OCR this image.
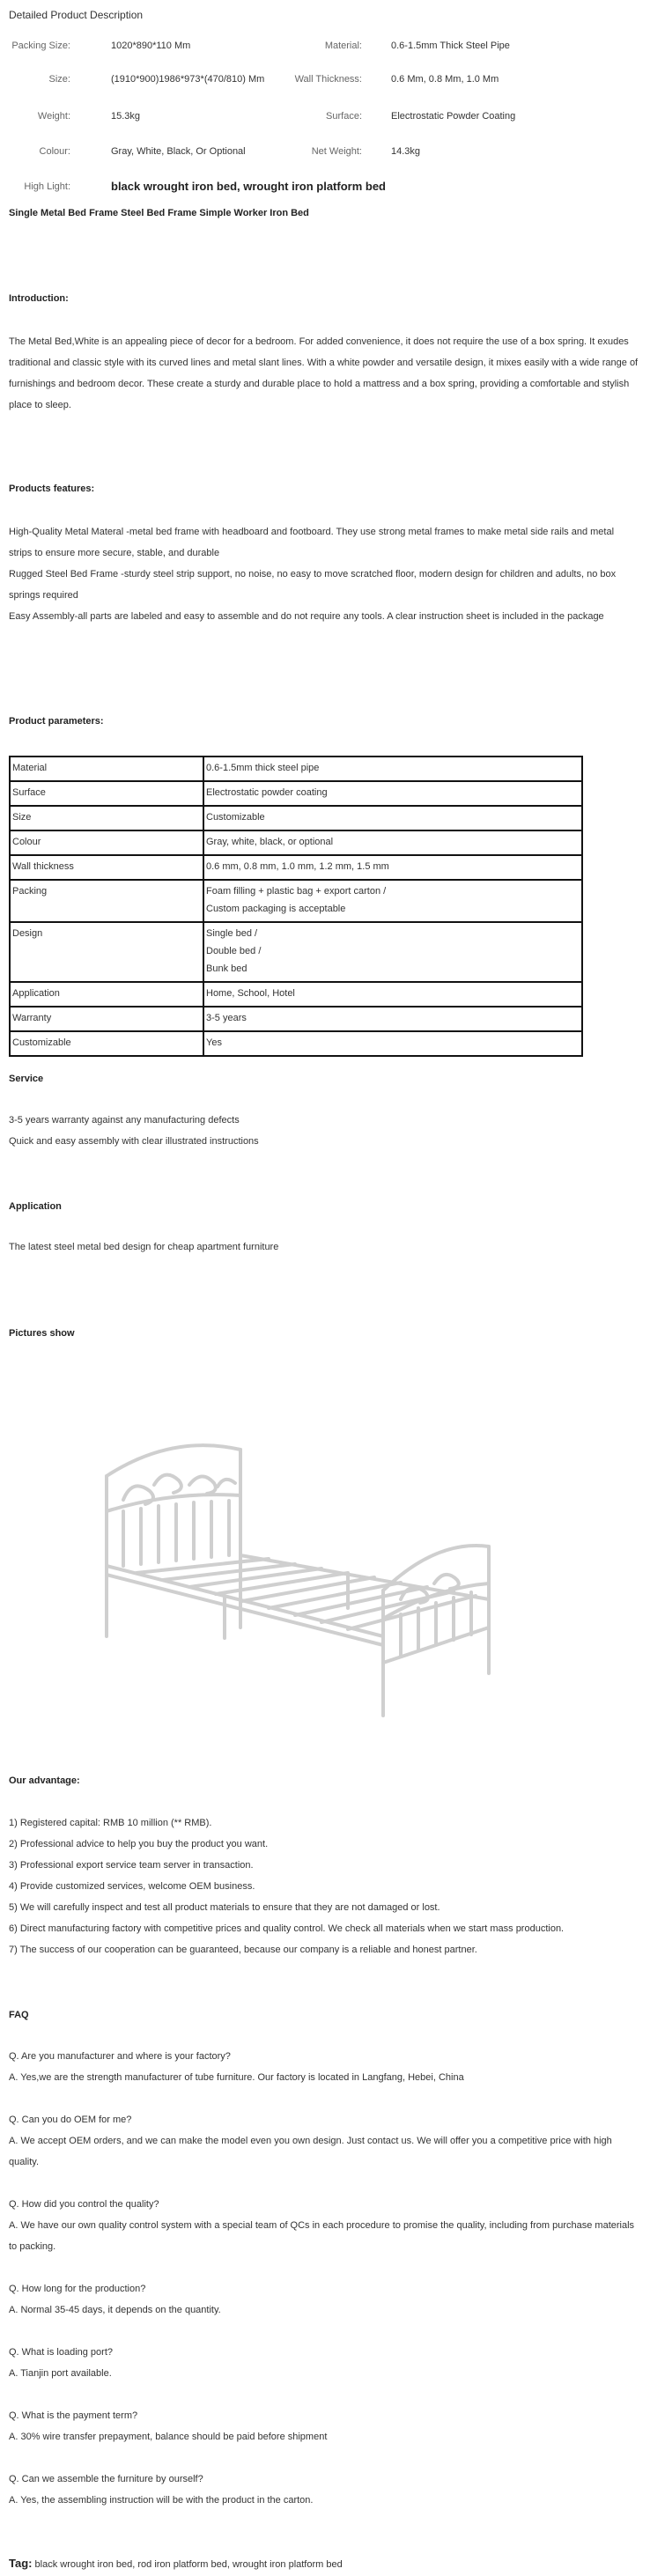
Detailed Product Description
Packing Size:	1020*890*110 Mm	Material:	0.6-1.5mm Thick Steel Pipe
Size:	(1910*900)1986*973*(470/810) Mm	Wall Thickness:	0.6 Mm, 0.8 Mm, 1.0 Mm
Weight:	15.3kg	Surface:	Electrostatic Powder Coating
Colour:	Gray, White, Black, Or Optional	Net Weight:	14.3kg
High Light:	black wrought iron bed, wrought iron platform bed
Single Metal Bed Frame Steel Bed Frame Simple Worker Iron Bed
Introduction:
The Metal Bed,White is an appealing piece of decor for a bedroom. For added convenience, it does not require the use of a box spring. It exudes traditional and classic style with its curved lines and metal slant lines. With a white powder and versatile design, it mixes easily with a wide range of furnishings and bedroom decor. These create a sturdy and durable place to hold a mattress and a box spring, providing a comfortable and stylish place to sleep.
Products features:
High-Quality Metal Materal -metal bed frame with headboard and footboard. They use strong metal frames to make metal side rails and metal strips to ensure more secure, stable, and durable
Rugged Steel Bed Frame -sturdy steel strip support, no noise, no easy to move scratched floor, modern design for children and adults, no box springs required
Easy Assembly-all parts are labeled and easy to assemble and do not require any tools. A clear instruction sheet is included in the package
Product parameters:
Material	0.6-1.5mm thick steel pipe

Surface	Electrostatic powder coating

Size	Customizable

Colour	Gray, white, black, or optional

Wall thickness	0.6 mm, 0.8 mm, 1.0 mm, 1.2 mm, 1.5 mm

Packing	Foam filling + plastic bag + export carton /
Custom packaging is acceptable

Design	Single bed /
Double bed /
Bunk bed

Application	Home, School, Hotel

Warranty	3-5 years

Customizable	Yes
Service
3-5 years warranty against any manufacturing defects
Quick and easy assembly with clear illustrated instructions
Application
The latest steel metal bed design for cheap apartment furniture
Pictures show
Our advantage:
1) Registered capital: RMB 10 million (** RMB).
2) Professional advice to help you buy the product you want.
3) Professional export service team server in transaction.
4) Provide customized services, welcome OEM business.
5) We will carefully inspect and test all product materials to ensure that they are not damaged or lost.
6) Direct manufacturing factory with competitive prices and quality control. We check all materials when we start mass production.
7) The success of our cooperation can be guaranteed, because our company is a reliable and honest partner.
FAQ
Q. Are you manufacturer and where is your factory?
A. Yes,we are the strength manufacturer of tube furniture. Our factory is located in Langfang, Hebei, China
Q. Can you do OEM for me?
A. We accept OEM orders, and we can make the model even you own design. Just contact us. We will offer you a competitive price with high quality.
Q. How did you control the quality?
A. We have our own quality control system with a special team of QCs in each procedure to promise the quality, including from purchase materials to packing.
Q. How long for the production?
A. Normal 35-45 days, it depends on the quantity.
Q. What is loading port?
A. Tianjin port available.
Q. What is the payment term?
A. 30% wire transfer prepayment, balance should be paid before shipment
Q. Can we assemble the furniture by ourself?
A. Yes, the assembling instruction will be with the product in the carton.
Tag: black wrought iron bed, rod iron platform bed, wrought iron platform bed
